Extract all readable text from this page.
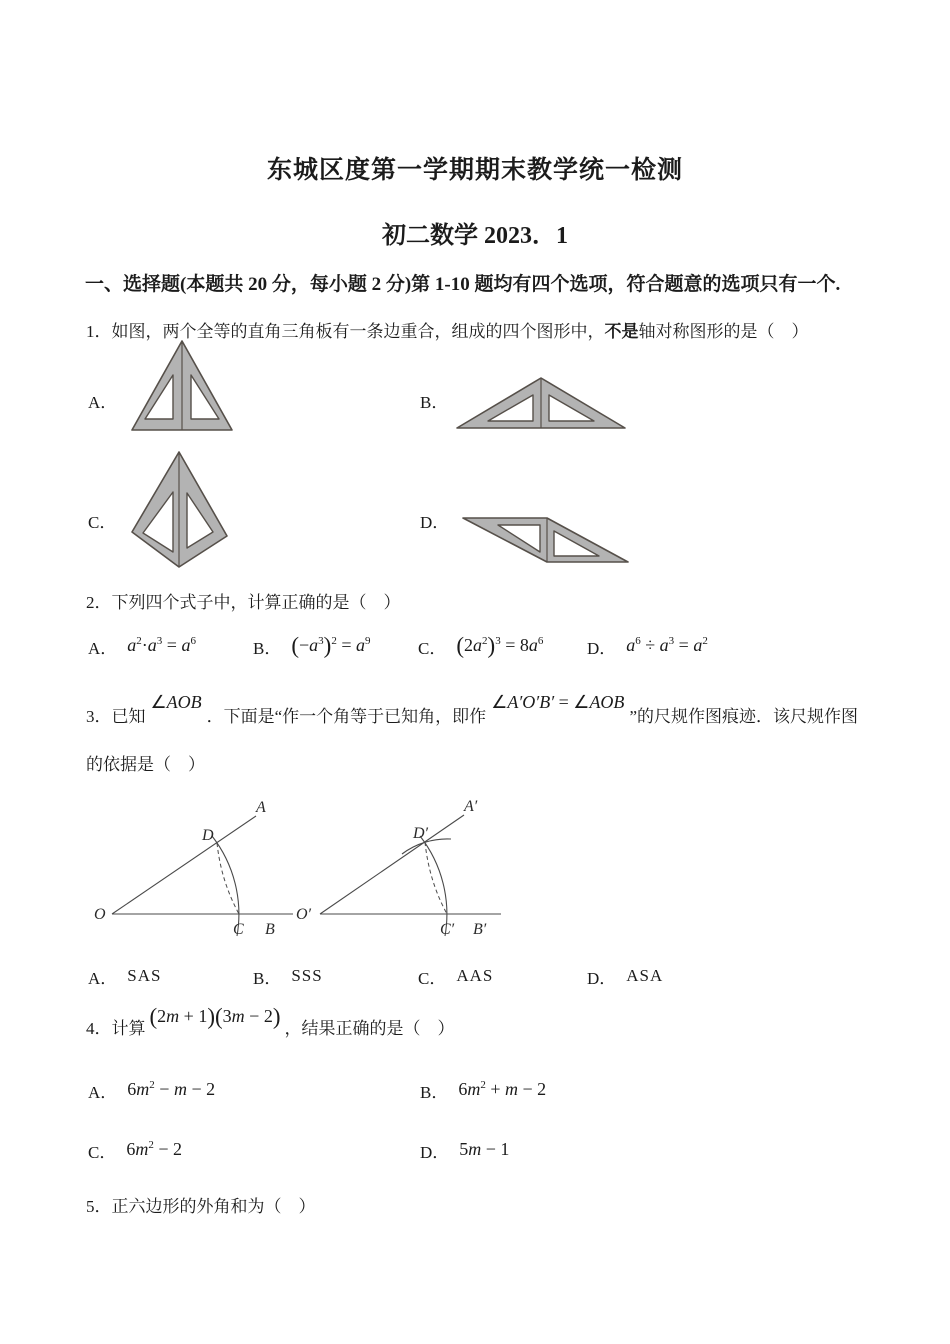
东城区度第一学期期末教学统一检测
初二数学 2023．1
一、选择题(本题共 20 分，每小题 2 分)第 1-10 题均有四个选项，符合题意的选项只有一个.
1．如图，两个全等的直角三角板有一条边重合，组成的四个图形中，不是轴对称图形的是（　）
A．	B．
C．	D．
2．下列四个式子中，计算正确的是（　）
A． $a^2\cdot a^3 = a^6$	B． $(-a^3)^2 = a^9$	C． $(2a^2)^3 = 8a^6$	D． $a^6 \div a^3 = a^2$
3．已知∠AOB．下面是“作一个角等于已知角，即作∠A′O′B′ = ∠AOB”的尺规作图痕迹．该尺规作图
的依据是（　）
O
A
D
C B
O′
A′
D′
C′ B′
A． SAS	B． SSS	C． AAS	D． ASA
4．计算 (2m + 1)(3m − 2) ，结果正确的是（　）
A． $6m^2 - m - 2$	B． $6m^2 + m - 2$
C． $6m^2 - 2$	D． 5m − 1
5．正六边形的外角和为（　）
